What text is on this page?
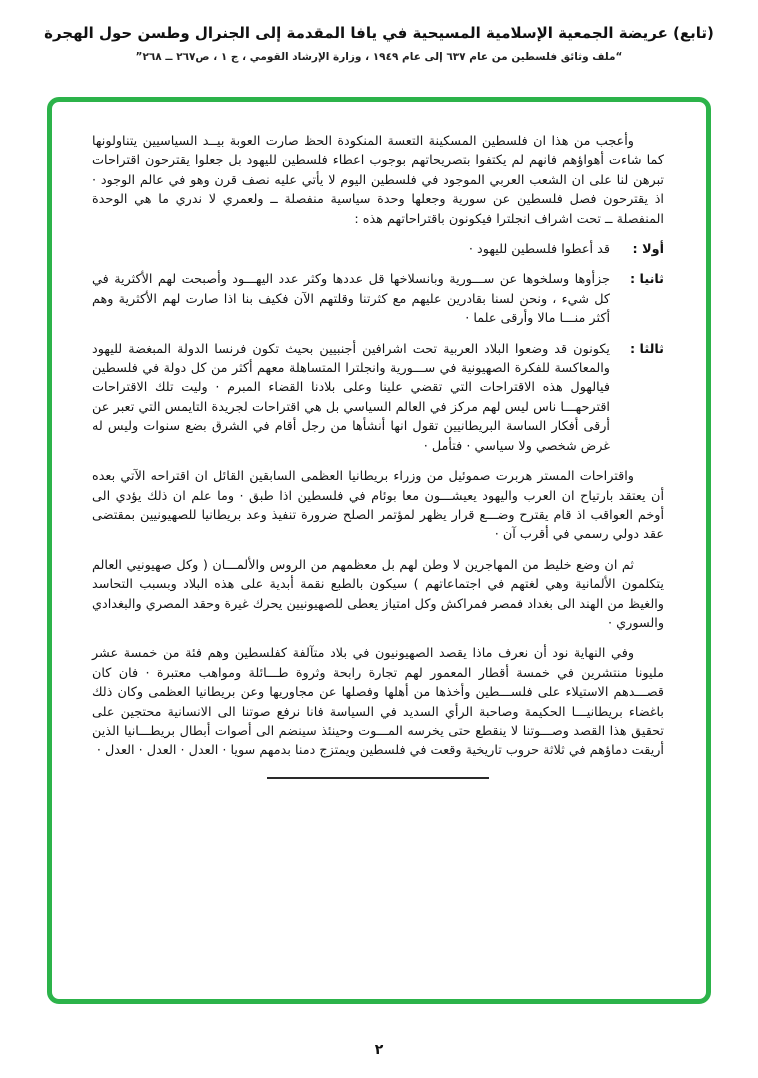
(تابع) عريضة الجمعية الإسلامية المسيحية في يافا المقدمة إلى الجنرال وطسن حول الهجرة
“ملف وثائق فلسطين من عام ٦٣٧ إلى عام ١٩٤٩ ، وزارة الإرشاد القومي ، ج ١ ، ص٢٦٧ ــ ٢٦٨”

وأعجب من هذا ان فلسطين المسكينة التعسة المنكودة الحظ صارت العوبة بيــد السياسيين يتناولونها كما شاءت أهواؤهم فانهم لم يكتفوا بتصريحاتهم بوجوب اعطاء فلسطين لليهود بل جعلوا يقترحون اقتراحات تبرهن لنا على ان الشعب العربي الموجود في فلسطين اليوم لا يأتي عليه نصف قرن وهو في عالم الوجود · اذ يقترحون فصل فلسطين عن سورية وجعلها وحدة سياسية منفصلة ــ ولعمري لا ندري ما هي الوحدة المنفصلة ــ تحت اشراف انجلترا فيكونون باقتراحاتهم هذه :

أولا :
قد أعطوا فلسطين لليهود ·
ثانيا :
جزأوها وسلخوها عن ســـورية وبانسلاخها قل عددها وكثر عدد اليهـــود وأصبحت لهم الأكثرية في كل شيء ، ونحن لسنا بقادرين عليهم مع كثرتنا وقلتهم الآن فكيف بنا اذا صارت لهم الأكثرية وهم أكثر منـــا مالا وأرقى علما ·
ثالثا :
يكونون قد وضعوا البلاد العربية تحت اشرافين أجنبيين بحيث تكون فرنسا الدولة المبغضة لليهود والمعاكسة للفكرة الصهيونية في ســـورية وانجلترا المتساهلة معهم أكثر من كل دولة في فلسطين فيالهول هذه الاقتراحات التي تقضي علينا وعلى بلادنا القضاء المبرم · وليت تلك الاقتراحات اقترحهـــا ناس ليس لهم مركز في العالم السياسي بل هي اقتراحات لجريدة التايمس التي تعبر عن أرقى أفكار الساسة البريطانيين تقول انها أنشأها من رجل أقام في الشرق بضع سنوات وليس له غرض شخصي ولا سياسي · فتأمل ·

واقتراحات المستر هربرت صموئيل من وزراء بريطانيا العظمى السابقين القائل ان اقتراحه الآتي بعده أن يعتقد بارتياح ان العرب واليهود يعيشـــون معا بوئام في فلسطين اذا طبق · وما علم ان ذلك يؤدي الى أوخم العواقب اذ قام يقترح وضـــع قرار يظهر لمؤتمر الصلح ضرورة تنفيذ وعد بريطانيا للصهيونيين بمقتضى عقد دولي رسمي في أقرب آن ·

ثم ان وضع خليط من المهاجرين لا وطن لهم بل معظمهم من الروس والألمـــان ( وكل صهيونيي العالم يتكلمون الألمانية وهي لغتهم في اجتماعاتهم ) سيكون بالطبع نقمة أبدية على هذه البلاد وبسبب التحاسد والغيظ من الهند الى بغداد فمصر فمراكش وكل امتياز يعطى للصهيونيين يحرك غيرة وحقد المصري والبغدادي والسوري ·

وفي النهاية نود أن نعرف ماذا يقصد الصهيونيون في بلاد متآلفة كفلسطين وهم فئة من خمسة عشر مليونا منتشرين في خمسة أقطار المعمور لهم تجارة رابحة وثروة طـــائلة ومواهب معتبرة · فان كان قصـــدهم الاستيلاء على فلســـطين وأخذها من أهلها وفصلها عن مجاوريها وعن بريطانيا العظمى وكان ذلك باغضاء بريطانيـــا الحكيمة وصاحبة الرأي السديد في السياسة فانا نرفع صوتنا الى الانسانية محتجين على تحقيق هذا القصد وصـــوتنا لا ينقطع حتى يخرسه المـــوت وحينئذ سينضم الى أصوات أبطال بريطـــانيا الذين أريقت دماؤهم في ثلاثة حروب تاريخية وقعت في فلسطين ويمتزج دمنا بدمهم سويا · العدل · العدل · العدل ·

٢
